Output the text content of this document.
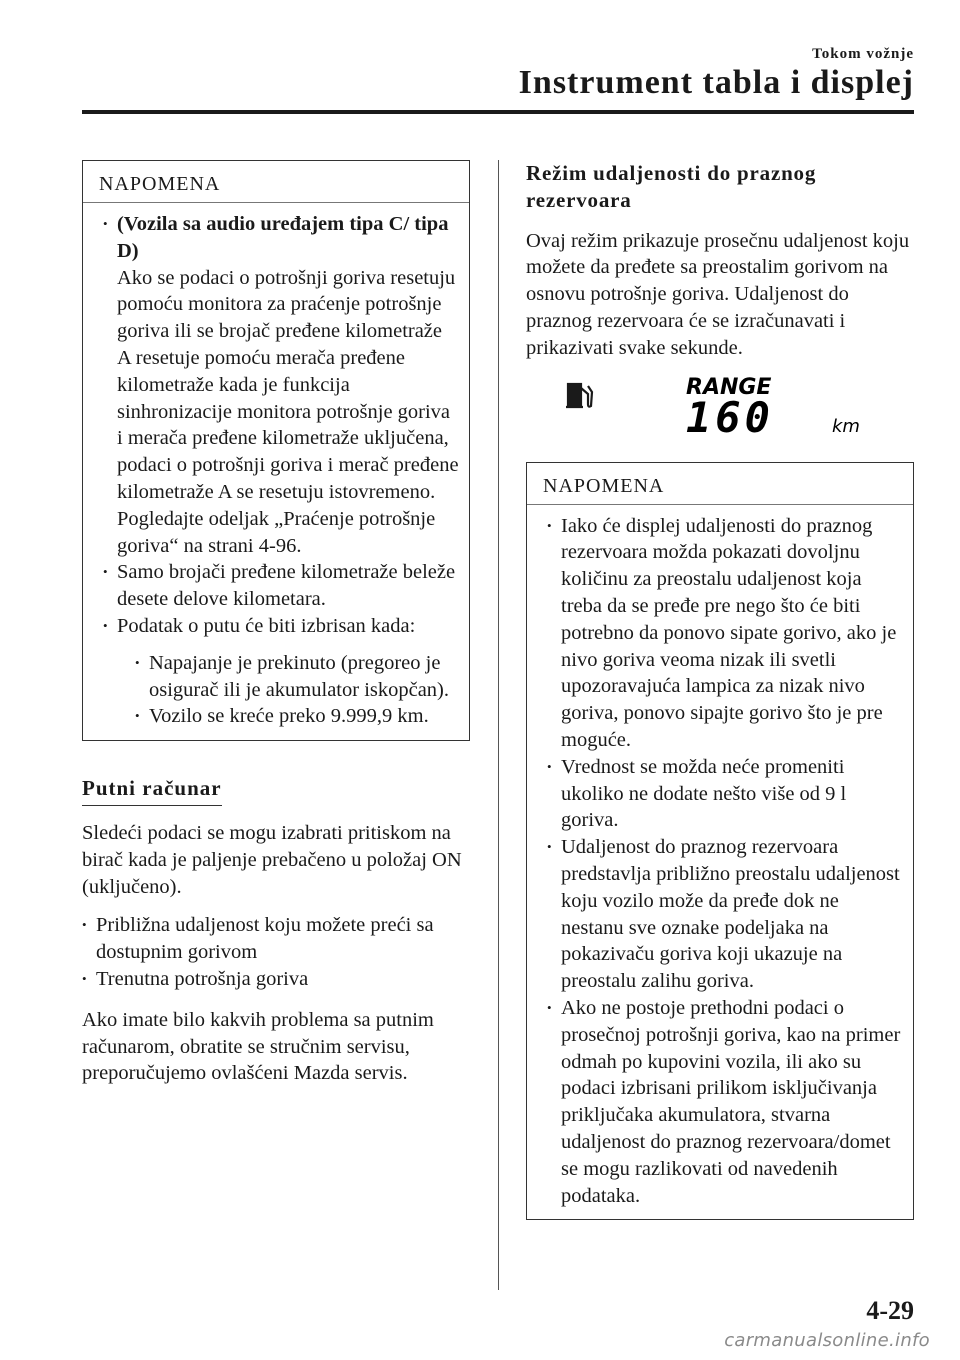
Tokom vožnje
Instrument tabla i displej
NAPOMENA
• (Vozila sa audio uređajem tipa C/ tipa D)
Ako se podaci o potrošnji goriva resetuju pomoću monitora za praćenje potrošnje goriva ili se brojač pređene kilometraže A resetuje pomoću merača pređene kilometraže kada je funkcija sinhronizacije monitora potrošnje goriva i merača pređene kilometraže uključena, podaci o potrošnji goriva i merač pređene kilometraže A se resetuju istovremeno.
Pogledajte odeljak „Praćenje potrošnje goriva“ na strani 4-96.
• Samo brojači pređene kilometraže beleže desete delove kilometara.
• Podatak o putu će biti izbrisan kada:
• Napajanje je prekinuto (pregoreo je osigurač ili je akumulator iskopčan).
• Vozilo se kreće preko 9.999,9 km.
Putni računar
Sledeći podaci se mogu izabrati pritiskom na birač kada je paljenje prebačeno u položaj ON (uključeno).
• Približna udaljenost koju možete preći sa dostupnim gorivom
• Trenutna potrošnja goriva
Ako imate bilo kakvih problema sa putnim računarom, obratite se stručnim servisu, preporučujemo ovlašćeni Mazda servis.
Režim udaljenosti do praznog rezervoara
Ovaj režim prikazuje prosečnu udaljenost koju možete da pređete sa preostalim gorivom na osnovu potrošnje goriva. Udaljenost do praznog rezervoara će se izračunavati i prikazivati svake sekunde.
RANGE
160	km
NAPOMENA
• Iako će displej udaljenosti do praznog rezervoara možda pokazati dovoljnu količinu za preostalu udaljenost koja treba da se pređe pre nego što će biti potrebno da ponovo sipate gorivo, ako je nivo goriva veoma nizak ili svetli upozoravajuća lampica za nizak nivo goriva, ponovo sipajte gorivo što je pre moguće.
• Vrednost se možda neće promeniti ukoliko ne dodate nešto više od 9 l goriva.
• Udaljenost do praznog rezervoara predstavlja približno preostalu udaljenost koju vozilo može da pređe dok ne nestanu sve oznake podeljaka na pokazivaču goriva koji ukazuje na preostalu zalihu goriva.
• Ako ne postoje prethodni podaci o prosečnoj potrošnji goriva, kao na primer odmah po kupovini vozila, ili ako su podaci izbrisani prilikom isključivanja priključaka akumulatora, stvarna udaljenost do praznog rezervoara/domet se mogu razlikovati od navedenih podataka.
4-29
carmanualsonline.info
